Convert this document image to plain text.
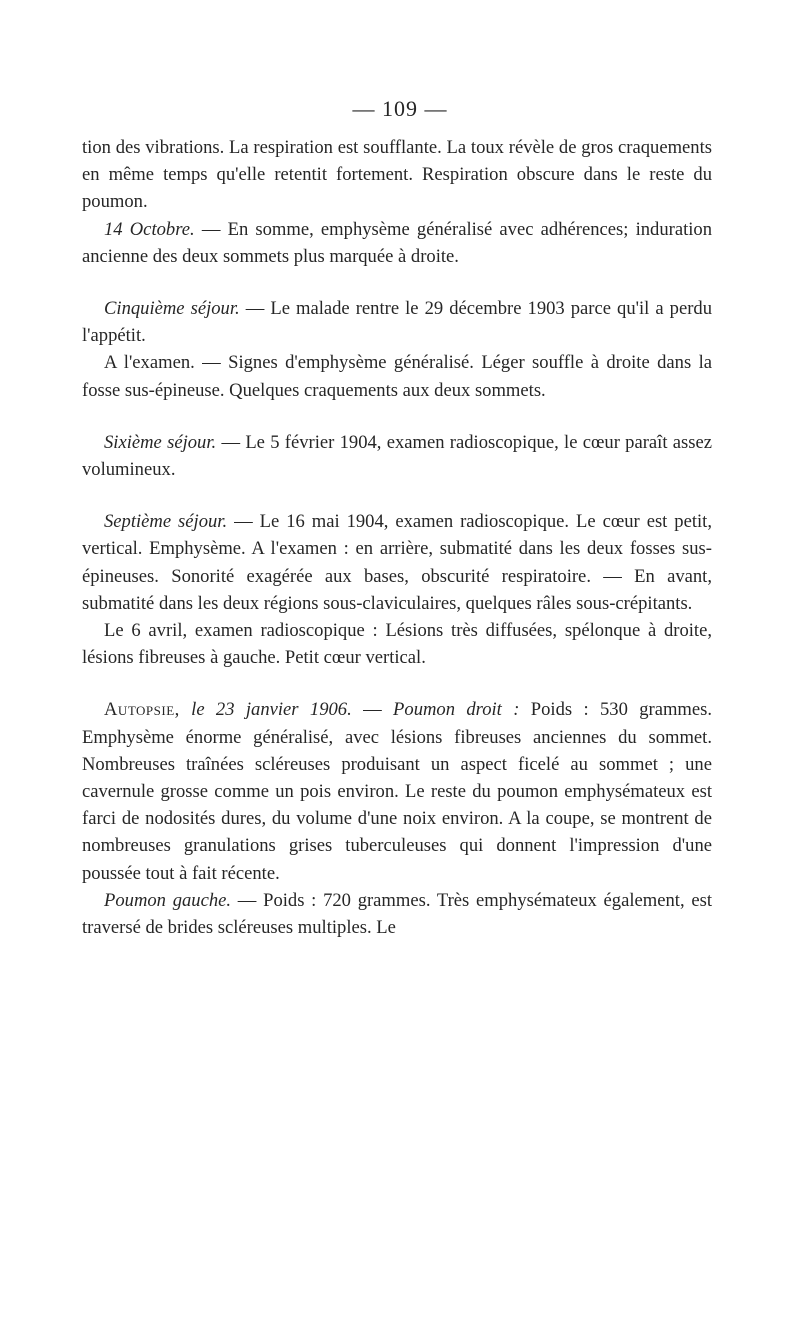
— 109 —

tion des vibrations. La respiration est soufflante. La toux révèle de gros craquements en même temps qu'elle retentit fortement. Respiration obscure dans le reste du poumon.

14 Octobre. — En somme, emphysème généralisé avec adhérences; induration ancienne des deux sommets plus marquée à droite.

Cinquième séjour. — Le malade rentre le 29 décembre 1903 parce qu'il a perdu l'appétit.

A l'examen. — Signes d'emphysème généralisé. Léger souffle à droite dans la fosse sus-épineuse. Quelques craquements aux deux sommets.

Sixième séjour. — Le 5 février 1904, examen radioscopique, le cœur paraît assez volumineux.

Septième séjour. — Le 16 mai 1904, examen radioscopique. Le cœur est petit, vertical. Emphysème. A l'examen : en arrière, submatité dans les deux fosses sus-épineuses. Sonorité exagérée aux bases, obscurité respiratoire. — En avant, submatité dans les deux régions sous-claviculaires, quelques râles sous-crépitants.

Le 6 avril, examen radioscopique : Lésions très diffusées, spélonque à droite, lésions fibreuses à gauche. Petit cœur vertical.

Autopsie, le 23 janvier 1906. — Poumon droit : Poids : 530 grammes. Emphysème énorme généralisé, avec lésions fibreuses anciennes du sommet. Nombreuses traînées scléreuses produisant un aspect ficelé au sommet ; une cavernule grosse comme un pois environ. Le reste du poumon emphysémateux est farci de nodosités dures, du volume d'une noix environ. A la coupe, se montrent de nombreuses granulations grises tuberculeuses qui donnent l'impression d'une poussée tout à fait récente.

Poumon gauche. — Poids : 720 grammes. Très emphysémateux également, est traversé de brides scléreuses multiples. Le
